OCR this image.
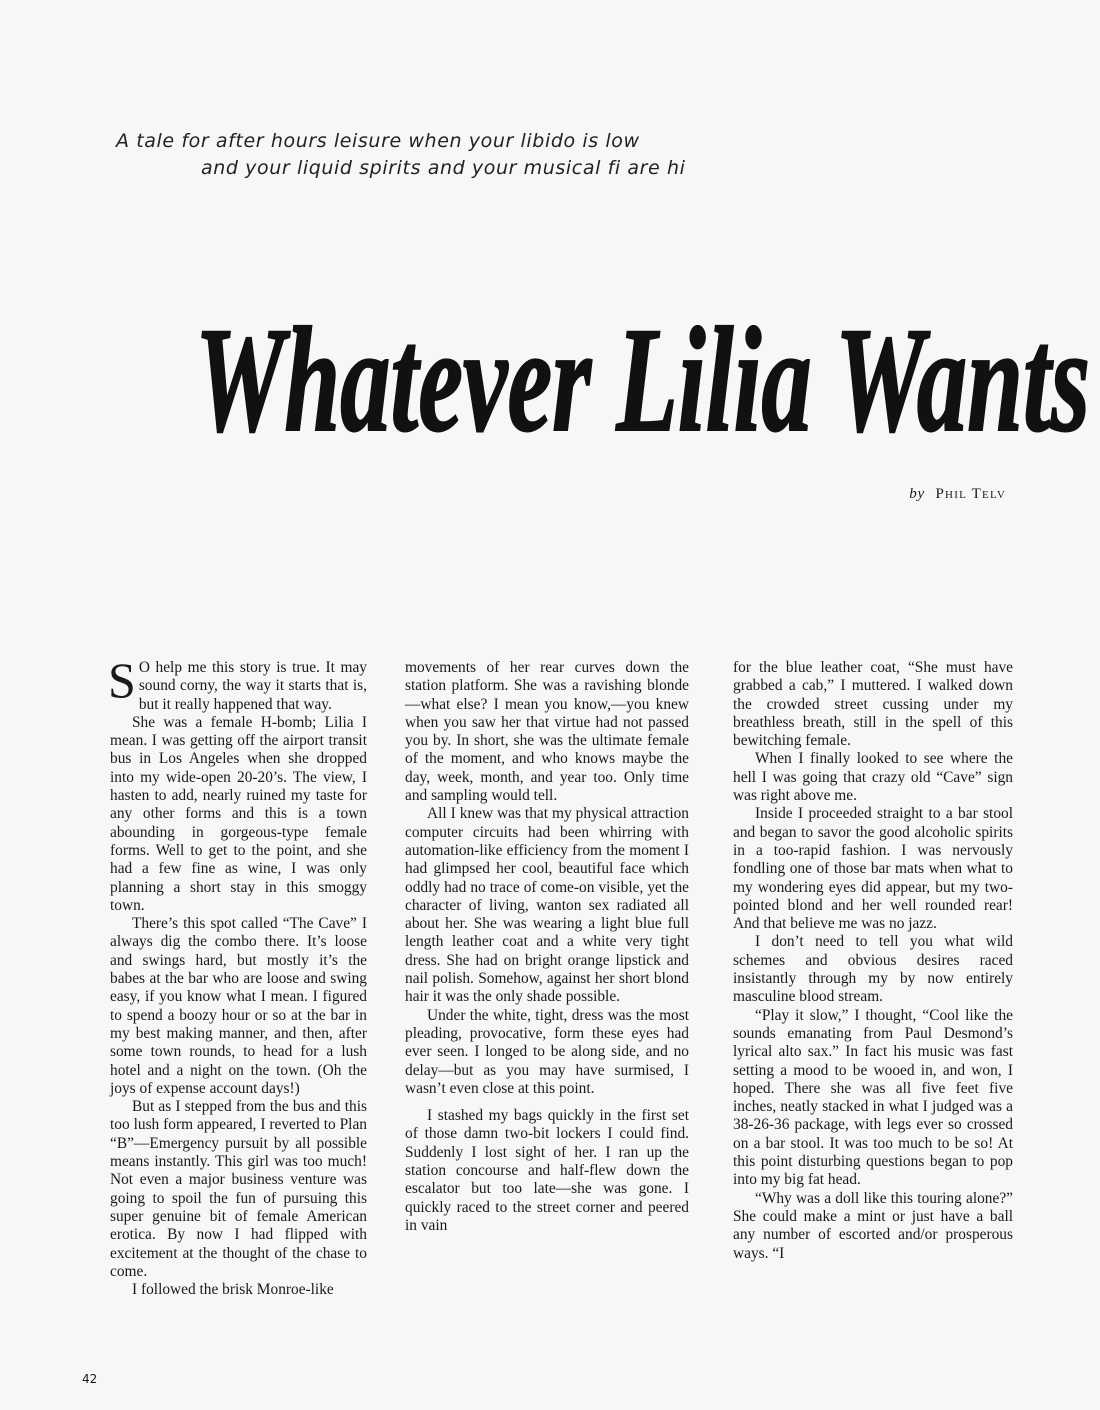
A tale for after hours leisure when your libido is low
and your liquid spirits and your musical fi are hi
Whatever Lilia Wants
by Phil Telv

S O help me this story is true. It may sound corny, the way it starts that is, but it really happened that way.

She was a female H-bomb; Lilia I mean. I was getting off the airport transit bus in Los Angeles when she dropped into my wide-open 20-20’s. The view, I hasten to add, nearly ruined my taste for any other forms and this is a town abounding in gorgeous-type female forms. Well to get to the point, and she had a few fine as wine, I was only planning a short stay in this smoggy town.

There’s this spot called “The Cave” I always dig the combo there. It’s loose and swings hard, but mostly it’s the babes at the bar who are loose and swing easy, if you know what I mean. I figured to spend a boozy hour or so at the bar in my best making manner, and then, after some town rounds, to head for a lush hotel and a night on the town. (Oh the joys of expense account days!)

But as I stepped from the bus and this too lush form appeared, I reverted to Plan “B”—Emergency pursuit by all possible means instantly. This girl was too much! Not even a major business venture was going to spoil the fun of pursuing this super genuine bit of female American erotica. By now I had flipped with excitement at the thought of the chase to come.

I followed the brisk Monroe-like

movements of her rear curves down the station platform. She was a ravishing blonde—what else? I mean you know,—you knew when you saw her that virtue had not passed you by. In short, she was the ultimate female of the moment, and who knows maybe the day, week, month, and year too. Only time and sampling would tell.

All I knew was that my physical attraction computer circuits had been whirring with automation-like efficiency from the moment I had glimpsed her cool, beautiful face which oddly had no trace of come-on visible, yet the character of living, wanton sex radiated all about her. She was wearing a light blue full length leather coat and a white very tight dress. She had on bright orange lipstick and nail polish. Somehow, against her short blond hair it was the only shade possible.

Under the white, tight, dress was the most pleading, provocative, form these eyes had ever seen. I longed to be along side, and no delay—but as you may have surmised, I wasn’t even close at this point.

I stashed my bags quickly in the first set of those damn two-bit lockers I could find. Suddenly I lost sight of her. I ran up the station concourse and half-flew down the escalator but too late—she was gone. I quickly raced to the street corner and peered in vain

for the blue leather coat, “She must have grabbed a cab,” I muttered. I walked down the crowded street cussing under my breathless breath, still in the spell of this bewitching female.

When I finally looked to see where the hell I was going that crazy old “Cave” sign was right above me.

Inside I proceeded straight to a bar stool and began to savor the good alcoholic spirits in a too-rapid fashion. I was nervously fondling one of those bar mats when what to my wondering eyes did appear, but my two-pointed blond and her well rounded rear! And that believe me was no jazz.

I don’t need to tell you what wild schemes and obvious desires raced insistantly through my by now entirely masculine blood stream.

“Play it slow,” I thought, “Cool like the sounds emanating from Paul Desmond’s lyrical alto sax.” In fact his music was fast setting a mood to be wooed in, and won, I hoped. There she was all five feet five inches, neatly stacked in what I judged was a 38-26-36 package, with legs ever so crossed on a bar stool. It was too much to be so! At this point disturbing questions began to pop into my big fat head.

“Why was a doll like this touring alone?” She could make a mint or just have a ball any number of escorted and/or prosperous ways. “I

42
